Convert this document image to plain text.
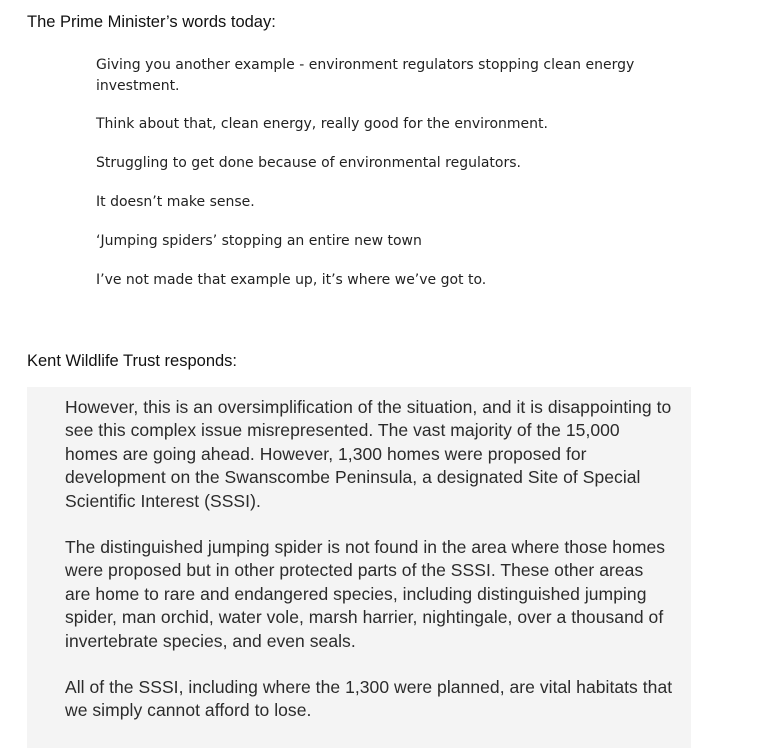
The Prime Minister’s words today:

Giving you another example - environment regulators stopping clean energy investment.

Think about that, clean energy, really good for the environment.

Struggling to get done because of environmental regulators.

It doesn’t make sense.

‘Jumping spiders’ stopping an entire new town

I’ve not made that example up, it’s where we’ve got to.

Kent Wildlife Trust responds:

However, this is an oversimplification of the situation, and it is disappointing to see this complex issue misrepresented. The vast majority of the 15,000 homes are going ahead. However, 1,300 homes were proposed for development on the Swanscombe Peninsula, a designated Site of Special Scientific Interest (SSSI).

The distinguished jumping spider is not found in the area where those homes were proposed but in other protected parts of the SSSI. These other areas are home to rare and endangered species, including distinguished jumping spider, man orchid, water vole, marsh harrier, nightingale, over a thousand of invertebrate species, and even seals.

All of the SSSI, including where the 1,300 were planned, are vital habitats that we simply cannot afford to lose.
